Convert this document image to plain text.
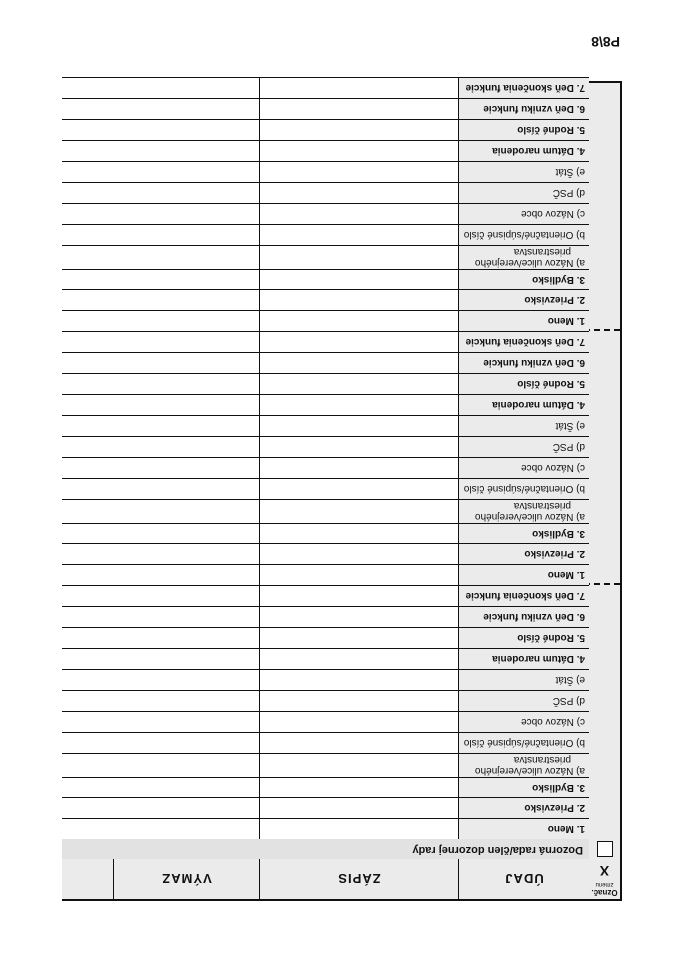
P8\8
Označ.
zmenu
X
ÚDAJ
ZÁPIS
VÝMAZ
Dozorná rada/člen dozornej rady
1. Meno
2. Priezvisko
3. Bydlisko
a) Názov ulice/verejného
priestranstva
b) Orientačné/súpisné číslo
c) Názov obce
d) PSČ
e) Štát
4. Dátum narodenia
5. Rodné číslo
6. Deň vzniku funkcie
7. Deň skončenia funkcie
1. Meno
2. Priezvisko
3. Bydlisko
a) Názov ulice/verejného
priestranstva
b) Orientačné/súpisné číslo
c) Názov obce
d) PSČ
e) Štát
4. Dátum narodenia
5. Rodné číslo
6. Deň vzniku funkcie
7. Deň skončenia funkcie
1. Meno
2. Priezvisko
3. Bydlisko
a) Názov ulice/verejného
priestranstva
b) Orientačné/súpisné číslo
c) Názov obce
d) PSČ
e) Štát
4. Dátum narodenia
5. Rodné číslo
6. Deň vzniku funkcie
7. Deň skončenia funkcie
